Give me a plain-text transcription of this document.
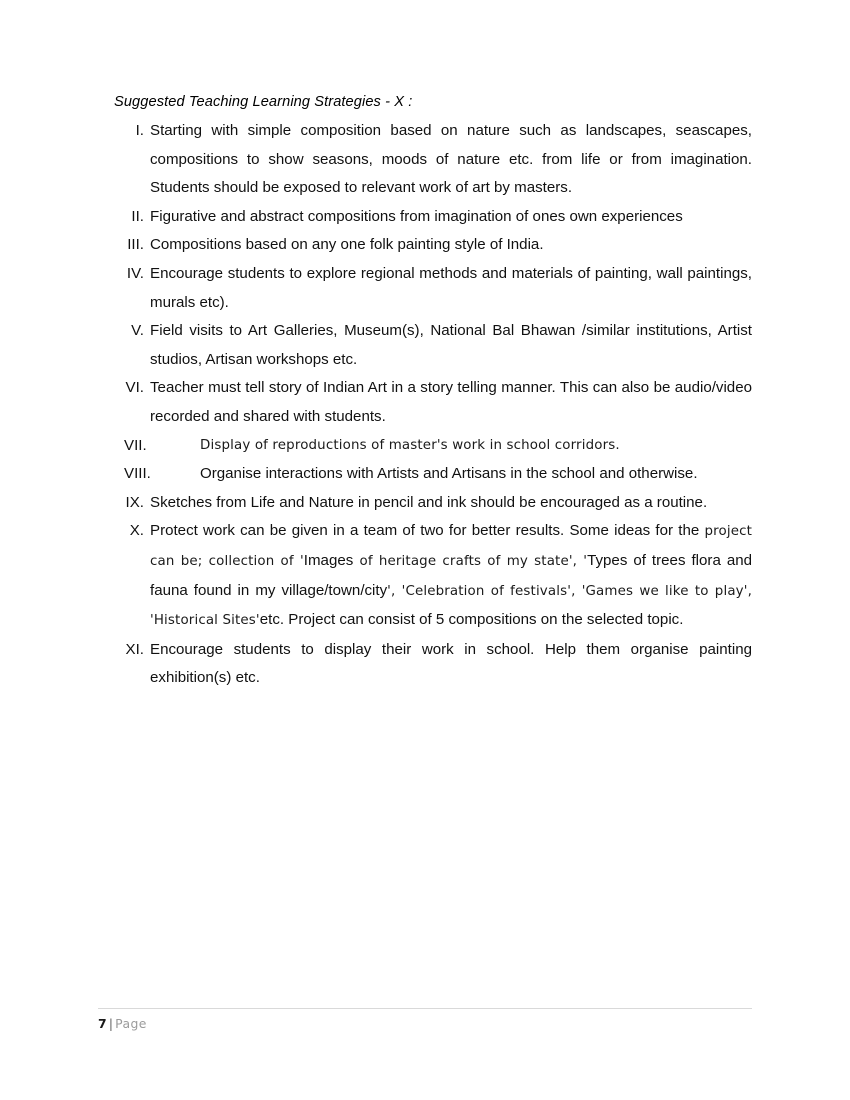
Suggested Teaching Learning Strategies - X :
I. Starting with simple composition based on nature such as landscapes, seascapes, compositions to show seasons, moods of nature etc. from life or from imagination. Students should be exposed to relevant work of art by masters.
II. Figurative and abstract compositions from imagination of ones own experiences
III. Compositions based on any one folk painting style of India.
IV. Encourage students to explore regional methods and materials of painting, wall paintings, murals etc).
V. Field visits to Art Galleries, Museum(s), National Bal Bhawan /similar institutions, Artist studios, Artisan workshops etc.
VI. Teacher must tell story of Indian Art in a story telling manner. This can also be audio/video recorded and shared with students.
VII.	Display of reproductions of master's work in school corridors.
VIII.	Organise interactions with Artists and Artisans in the school and otherwise.
IX. Sketches from Life and Nature in pencil and ink should be encouraged as a routine.
X. Protect work can be given in a team of two for better results. Some ideas for the project can be; collection of 'Images of heritage crafts of my state', 'Types of trees flora and fauna found in my village/town/city', 'Celebration of festivals', 'Games we like to play', 'Historical Sites'etc. Project can consist of 5 compositions on the selected topic.
XI. Encourage students to display their work in school. Help them organise painting exhibition(s) etc.
7 | Page
